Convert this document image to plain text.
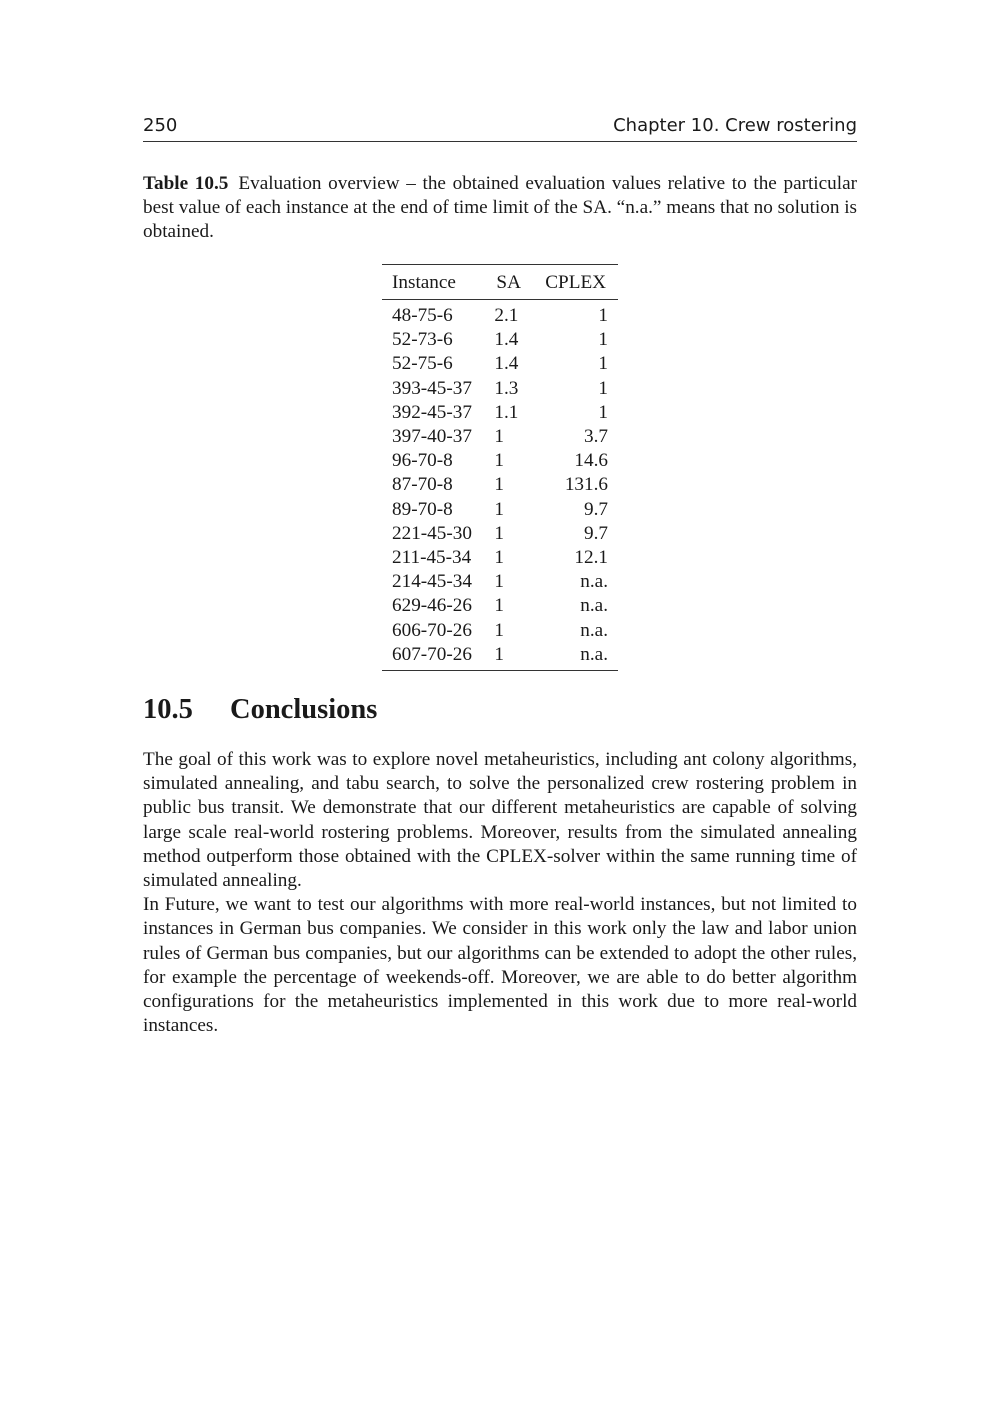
250	Chapter 10. Crew rostering
Table 10.5 Evaluation overview – the obtained evaluation values relative to the particular best value of each instance at the end of time limit of the SA. “n.a.” means that no solution is obtained.
Instance	SA	CPLEX
48-75-6	2.1	1
52-73-6	1.4	1
52-75-6	1.4	1
393-45-37	1.3	1
392-45-37	1.1	1
397-40-37	1	3.7
96-70-8	1	14.6
87-70-8	1	131.6
89-70-8	1	9.7
221-45-30	1	9.7
211-45-34	1	12.1
214-45-34	1	n.a.
629-46-26	1	n.a.
606-70-26	1	n.a.
607-70-26	1	n.a.
10.5 Conclusions

The goal of this work was to explore novel metaheuristics, including ant colony algorithms, simulated annealing, and tabu search, to solve the personalized crew rostering problem in public bus transit. We demonstrate that our different metaheuristics are capable of solving large scale real-world rostering problems. Moreover, results from the simulated annealing method outperform those obtained with the CPLEX-solver within the same running time of simulated annealing.

In Future, we want to test our algorithms with more real-world instances, but not limited to instances in German bus companies. We consider in this work only the law and labor union rules of German bus companies, but our algorithms can be extended to adopt the other rules, for example the percentage of weekends-off. Moreover, we are able to do better algorithm configurations for the metaheuristics implemented in this work due to more real-world instances.
